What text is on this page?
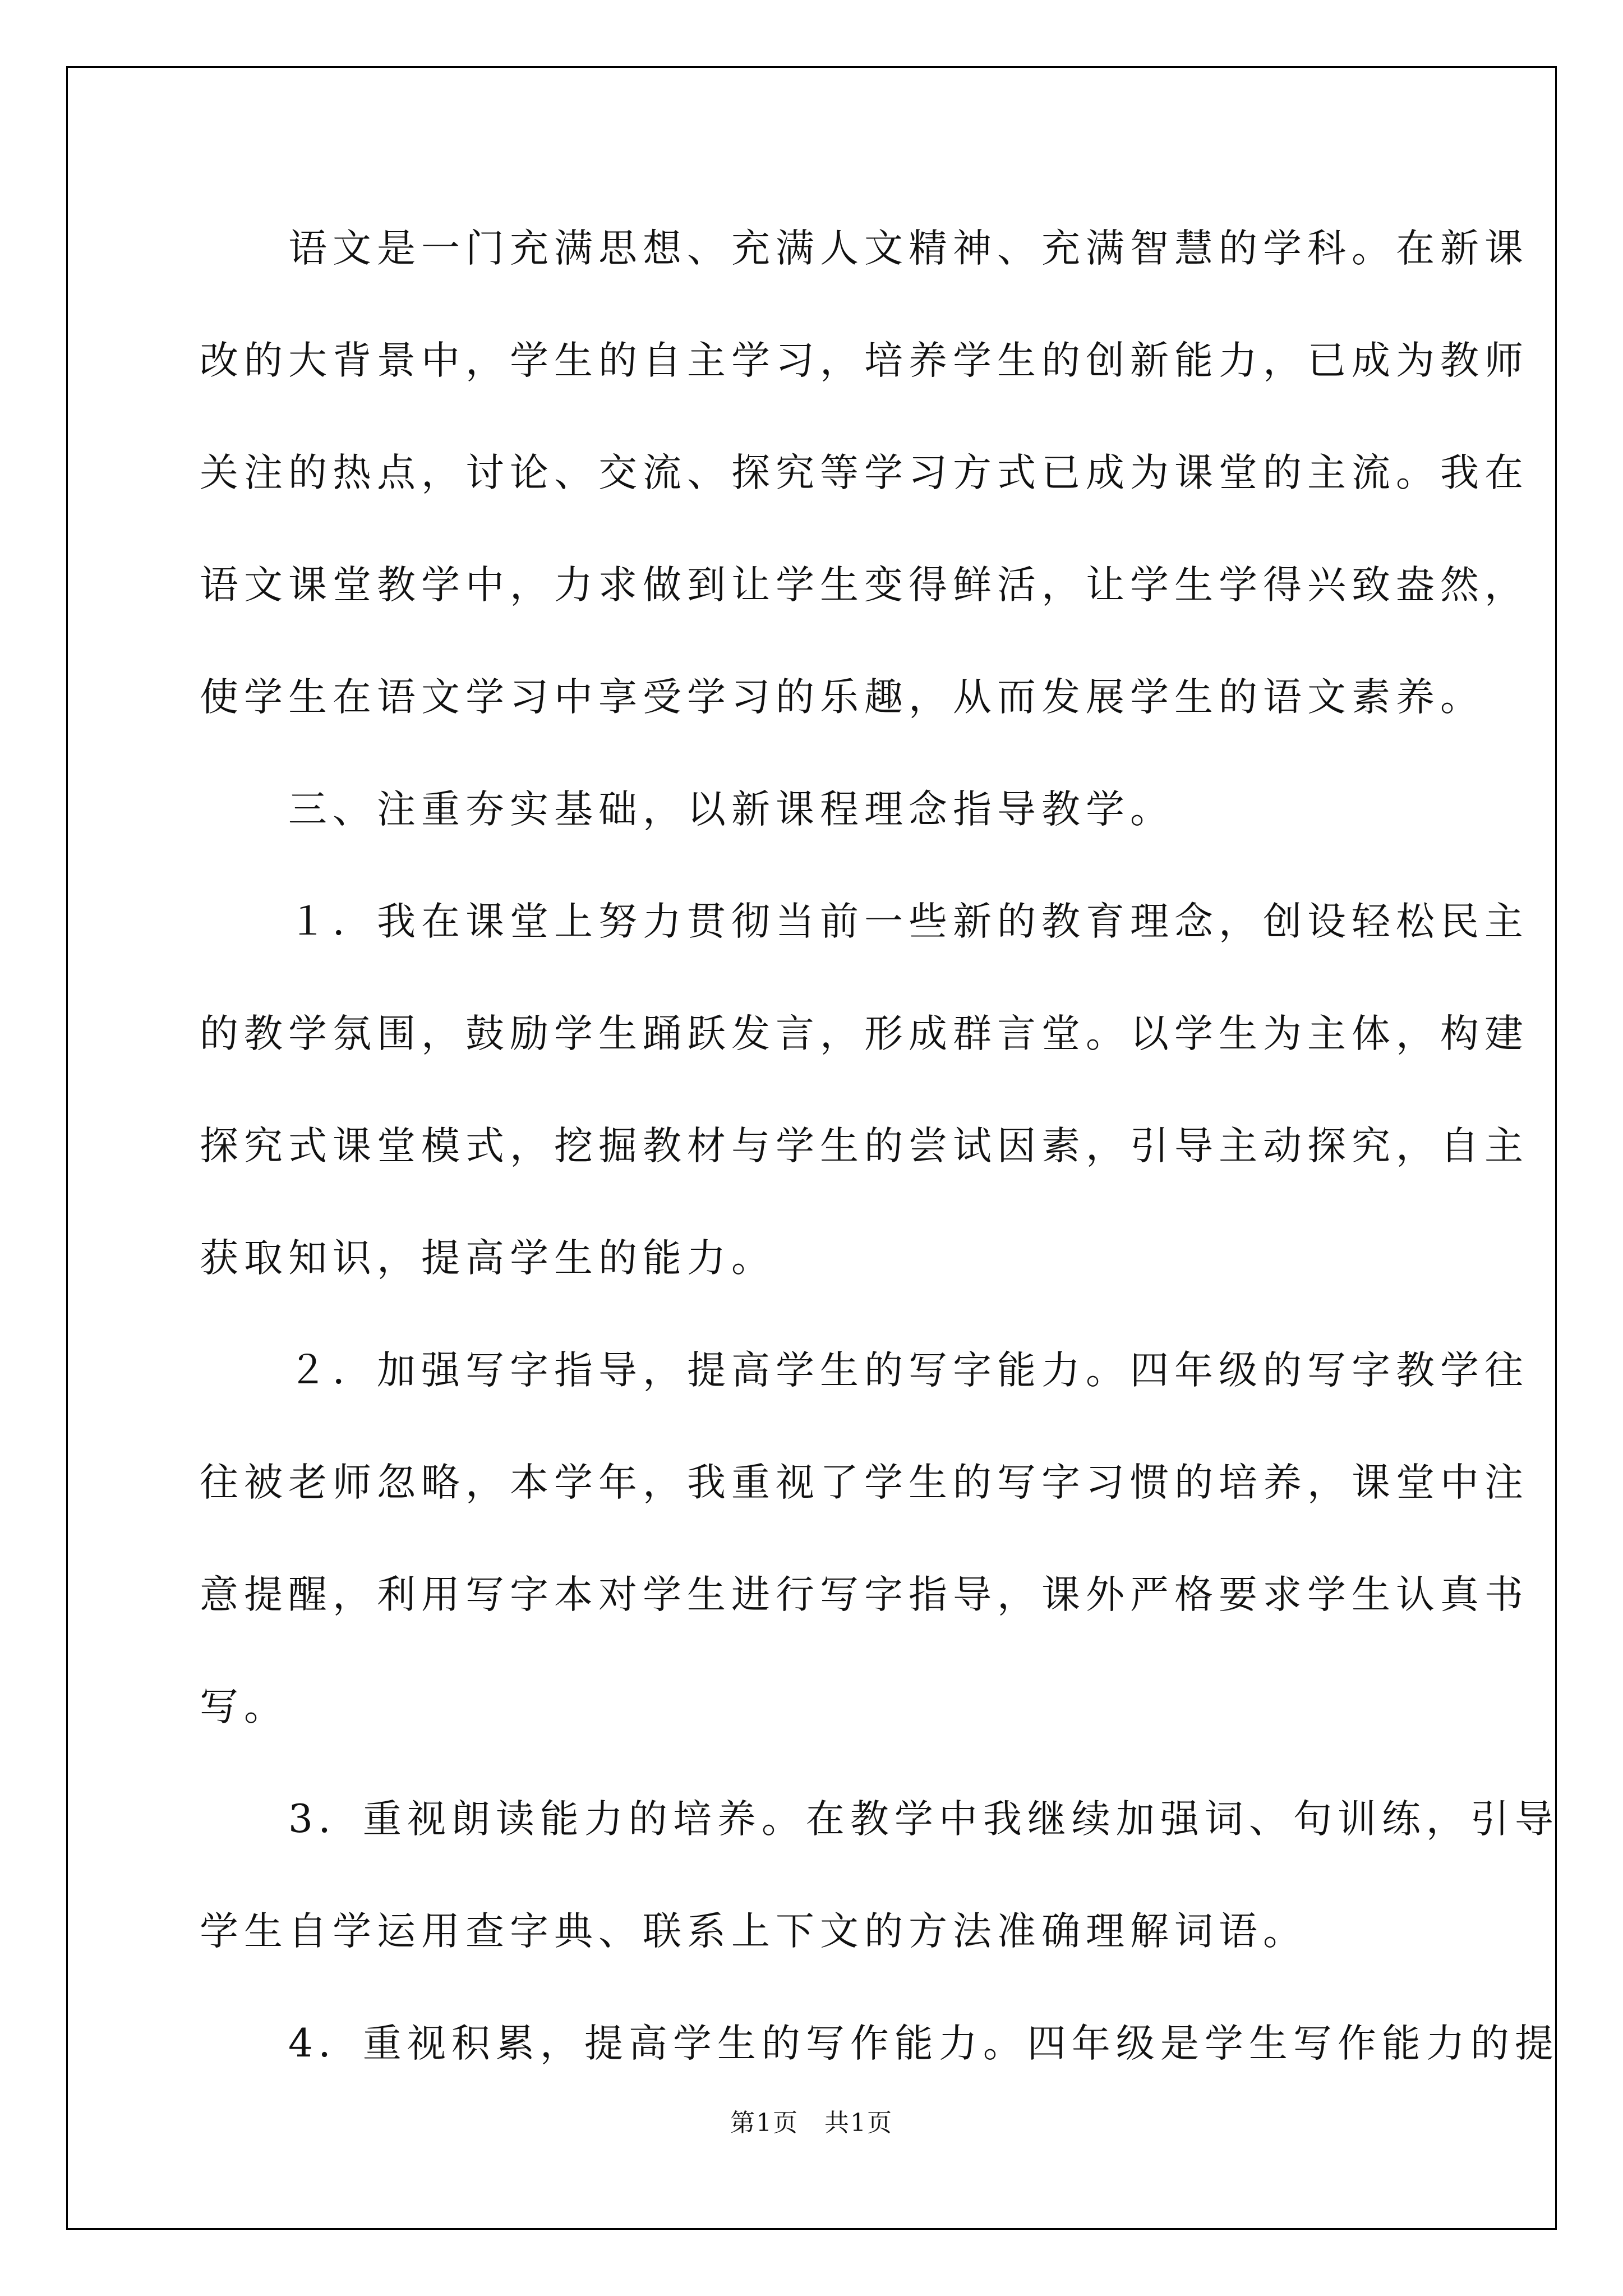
　　语文是一门充满思想、充满人文精神、充满智慧的学科。在新课
改的大背景中，学生的自主学习，培养学生的创新能力，已成为教师
关注的热点，讨论、交流、探究等学习方式已成为课堂的主流。我在
语文课堂教学中，力求做到让学生变得鲜活，让学生学得兴致盎然，
使学生在语文学习中享受学习的乐趣，从而发展学生的语文素养。
　　三、注重夯实基础，以新课程理念指导教学。
　　１．我在课堂上努力贯彻当前一些新的教育理念，创设轻松民主
的教学氛围，鼓励学生踊跃发言，形成群言堂。以学生为主体，构建
探究式课堂模式，挖掘教材与学生的尝试因素，引导主动探究，自主
获取知识，提高学生的能力。
　　２．加强写字指导，提高学生的写字能力。四年级的写字教学往
往被老师忽略，本学年，我重视了学生的写字习惯的培养，课堂中注
意提醒，利用写字本对学生进行写字指导，课外严格要求学生认真书
写。
　　3．重视朗读能力的培养。在教学中我继续加强词、句训练，引导
学生自学运用查字典、联系上下文的方法准确理解词语。
　　4．重视积累，提高学生的写作能力。四年级是学生写作能力的提
第1页　共1页
